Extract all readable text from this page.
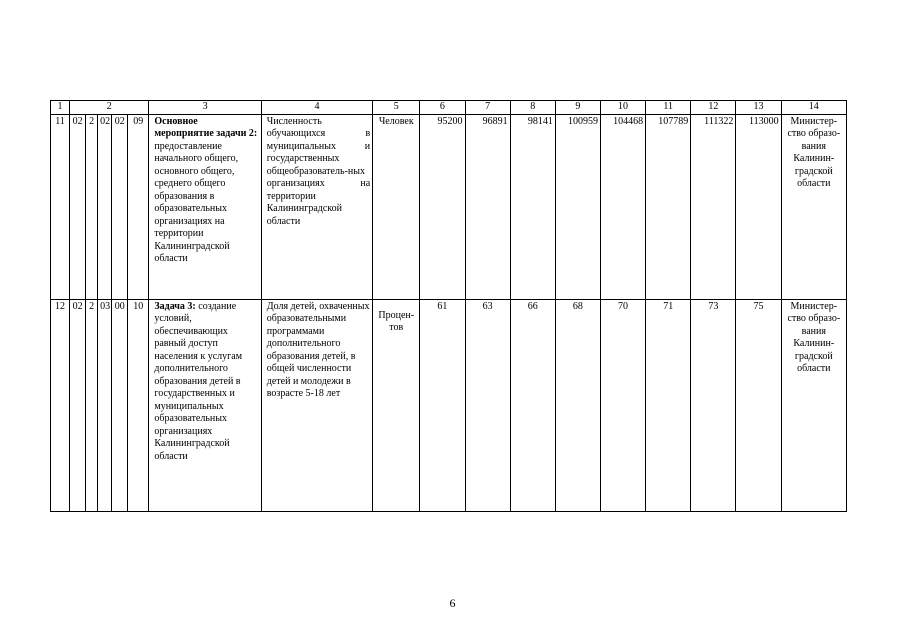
1	2					3	4	5	6	7	8	9	10	11	12	13	14
11	02	2	02	02	09	Основное мероприятие задачи 2: предоставление начального общего, основного общего, среднего общего образования в образовательных организациях на территории Калининградской области	Численность обучающихся в муниципальных и государственных общеобразователь-ных организациях на территории Калининградской области	Человек	95200	96891	98141	100959	104468	107789	111322	113000	Министер-ство образо-вания Калинин-градской области
12	02	2	03	00	10	Задача 3: создание условий, обеспечивающих равный доступ населения к услугам дополнительного образования детей в государственных и муниципальных образовательных организациях Калининградской области	Доля детей, охваченных образовательными программами дополнительного образования детей, в общей численности детей и молодежи в возрасте 5-18 лет	Процен-тов	61	63	66	68	70	71	73	75	Министер-ство образо-вания Калинин-градской области
6
